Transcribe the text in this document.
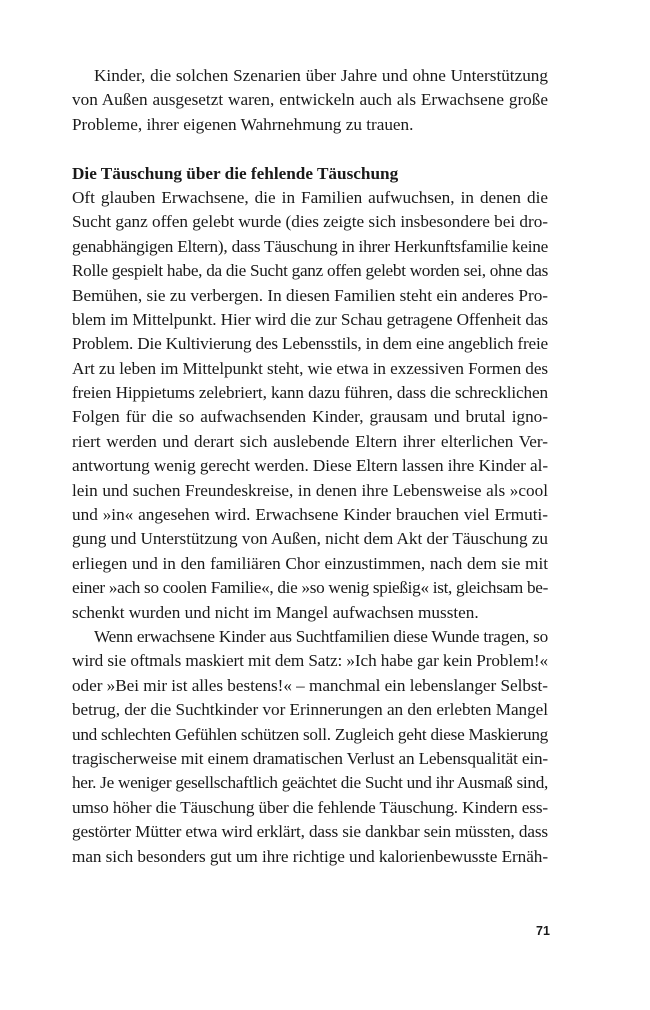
Kinder, die solchen Szenarien über Jahre und ohne Unterstützung
von Außen ausgesetzt waren, entwickeln auch als Erwachsene große
Probleme, ihrer eigenen Wahrnehmung zu trauen.
Die Täuschung über die fehlende Täuschung
Oft glauben Erwachsene, die in Familien aufwuchsen, in denen die
Sucht ganz offen gelebt wurde (dies zeigte sich insbesondere bei dro-
genabhängigen Eltern), dass Täuschung in ihrer Herkunftsfamilie keine
Rolle gespielt habe, da die Sucht ganz offen gelebt worden sei, ohne das
Bemühen, sie zu verbergen. In diesen Familien steht ein anderes Pro-
blem im Mittelpunkt. Hier wird die zur Schau getragene Offenheit das
Problem. Die Kultivierung des Lebensstils, in dem eine angeblich freie
Art zu leben im Mittelpunkt steht, wie etwa in exzessiven Formen des
freien Hippietums zelebriert, kann dazu führen, dass die schrecklichen
Folgen für die so aufwachsenden Kinder, grausam und brutal igno-
riert werden und derart sich auslebende Eltern ihrer elterlichen Ver-
antwortung wenig gerecht werden. Diese Eltern lassen ihre Kinder al-
lein und suchen Freundeskreise, in denen ihre Lebensweise als »cool
und »in« angesehen wird. Erwachsene Kinder brauchen viel Ermuti-
gung und Unterstützung von Außen, nicht dem Akt der Täuschung zu
erliegen und in den familiären Chor einzustimmen, nach dem sie mit
einer »ach so coolen Familie«, die »so wenig spießig« ist, gleichsam be-
schenkt wurden und nicht im Mangel aufwachsen mussten.
Wenn erwachsene Kinder aus Suchtfamilien diese Wunde tragen, so
wird sie oftmals maskiert mit dem Satz: »Ich habe gar kein Problem!«
oder »Bei mir ist alles bestens!« – manchmal ein lebenslanger Selbst-
betrug, der die Suchtkinder vor Erinnerungen an den erlebten Mangel
und schlechten Gefühlen schützen soll. Zugleich geht diese Maskierung
tragischerweise mit einem dramatischen Verlust an Lebensqualität ein-
her. Je weniger gesellschaftlich geächtet die Sucht und ihr Ausmaß sind,
umso höher die Täuschung über die fehlende Täuschung. Kindern ess-
gestörter Mütter etwa wird erklärt, dass sie dankbar sein müssten, dass
man sich besonders gut um ihre richtige und kalorienbewusste Ernäh-
71
